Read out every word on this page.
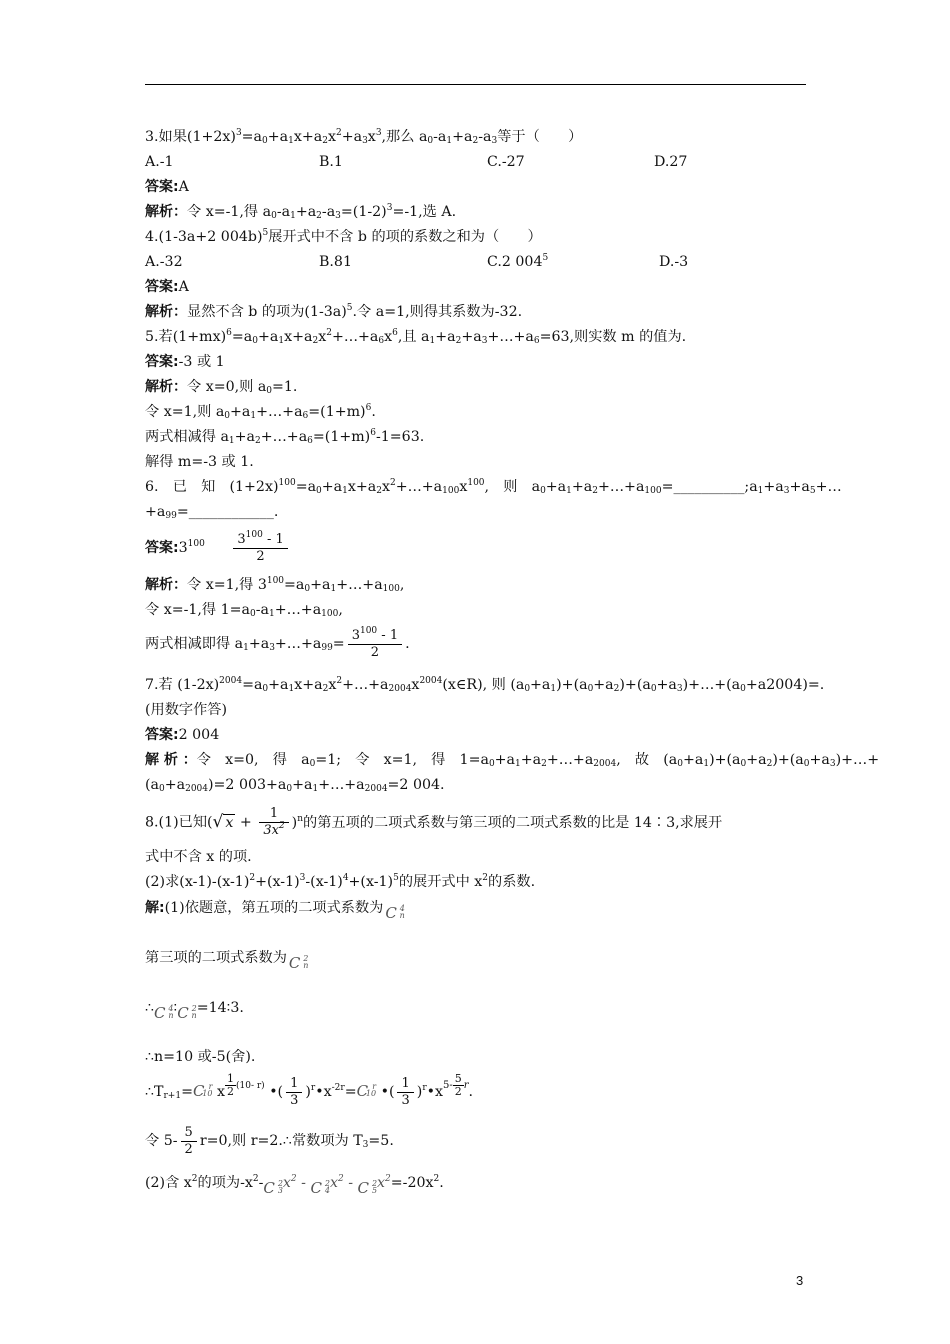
3.如果$(1+2x)^3=a_0+a_1x+a_2x^2+a_3x^3$,那么 $a_0-a_1+a_2-a_3$等于（　　）
A.-1	B.1	C.-27	D.27
答案:A
解析：令 x=-1,得 $a_0-a_1+a_2-a_3=(1-2)^3=-1$,选 A.
4.(1-3a+2 004b)$^5$展开式中不含 b 的项的系数之和为（　　）
A.-32	B.81	C.2 $004^5$	D.-3
答案:A
解析：显然不含 b 的项为$(1-3a)^5$.令 a=1,则得其系数为-32.
5.若$(1+mx)^6=a_0+a_1x+a_2x^2+\dots+a_6x^6$,且 $a_1+a_2+a_3+\dots+a_6=63$,则实数 m 的值为.
答案:-3 或 1
解析：令 x=0,则 $a_0=1$.
令 x=1,则 $a_0+a_1+\dots+a_6=(1+m)^6$.
两式相减得 $a_1+a_2+\dots+a_6=(1+m)^6-1=63$.
解得 m=-3 或 1.
6.　已　知　$(1+2x)^{100}=a_0+a_1x+a_2x^2+\dots+a_{100}x^{100}$,　则　$a_0+a_1+a_2+\dots+a_{100}=\_\_\_\_\_\_\_\_\_\_;a_1+a_3+a_5+\dots$
$+a_{99}=\_\_\_\_\_\_\_\_\_\_\_\_$.
答案$:3^{100} \frac{3^{100} - 1}{2}$
解析：令 x=1,得 $3^{100}=a_0+a_1+\dots+a_{100}$,
令 x=-1,得 $1=a_0-a_1+\dots+a_{100}$,
两式相减即得 $a_1+a_3+\dots+a_{99}= \frac{3^{100} - 1}{2}$ .
7.若 $(1-2x)^{2004}=a_0+a_1x+a_2x^2+\dots+a_{2004}x^{2004}(x\in R)$, 则 $(a_0+a_1)+(a_0+a_2)+(a_0+a_3)+\dots+(a_0+a2004)=$.
(用数字作答)
答案:2 004
解 析 ：令　x=0,　得　$a_0=1$;　令　x=1,　得　$1=a_0+a_1+a_2+\dots+a_{2004}$,　故　$(a_0+a_1)+(a_0+a_2)+(a_0+a_3)+\dots+$
$(a_0+a_{2004})=2$ $003+a_0+a_1+\dots+a_{2004}=2$ 004.
8.(1)已知(√ $x + \frac{1}{3x^2} )^n$的第五项的二项式系数与第三项的二项式系数的比是 14∶3,求展开
式中不含 x 的项.
(2)求$(x-1)-(x-1)^2+(x-1)^3-(x-1)^4+(x-1)^5$的展开式中 $x^2$的系数.
解:(1)依题意，第五项的二项式系数为 C 4
n
第三项的二项式系数为 C 2
n
∴C 4
n ∶C 2
n =14∶3.
∴n=10 或-5(舍).
$\therefore T_{r+1}=C$ r
10 x $\frac{1}{2} (10-$ r) •( $\frac{1}{3}$ )$^r•x^{-2r}=C$ r
10 •( $\frac{1}{3}$ )$^r$•x5- $\frac{5}{2} r$.
令 $5- \frac{5}{2} r=0$,则 r=2.∴常数项为 $T_3=5$.
(2)含 $x^2$的项为$-x^2-C$ 2
3 $x^2$ - C 2
4 $x^2$ - C 2
5 $x^2=-20x^2$.
3
